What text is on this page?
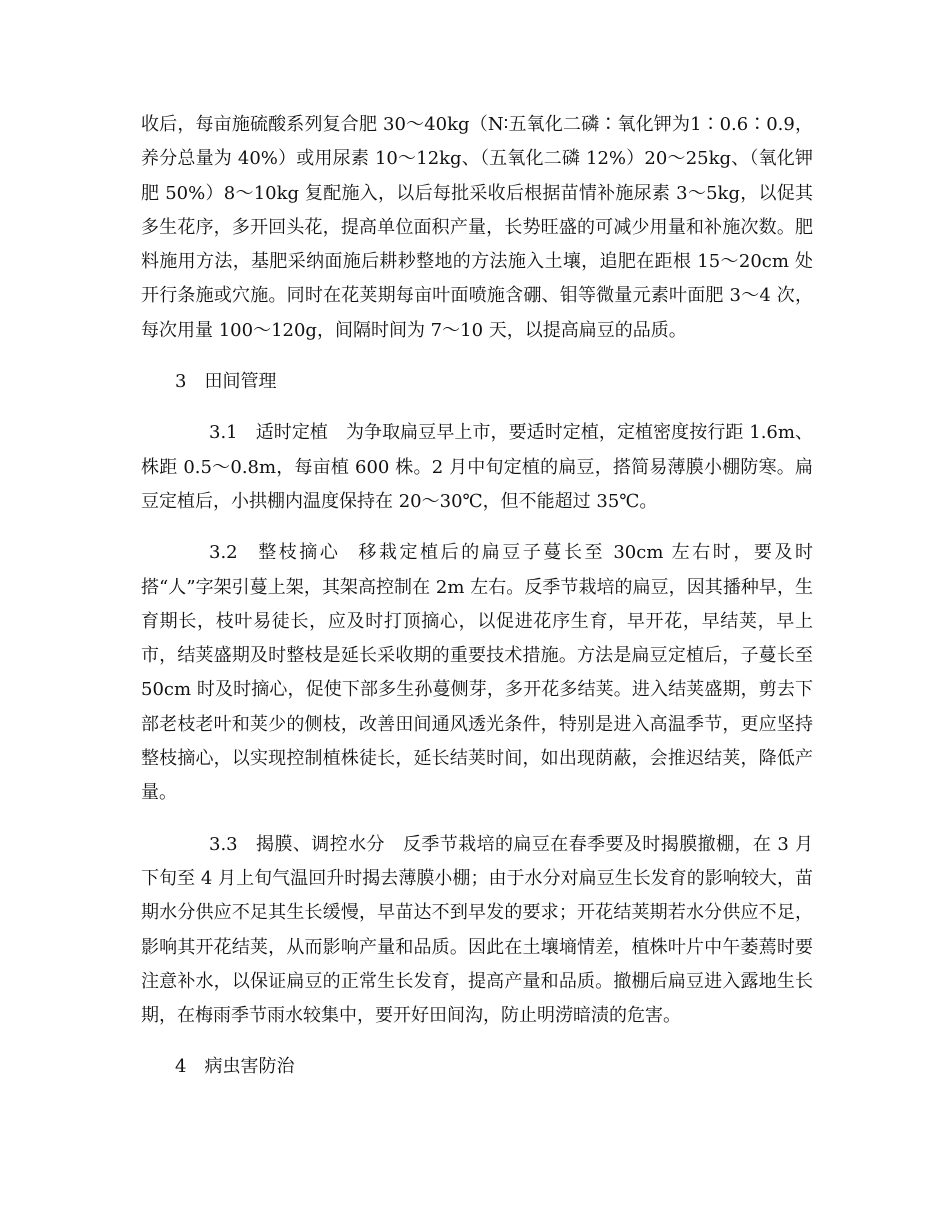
收后，每亩施硫酸系列复合肥 30～40kg（N∶五氧化二磷∶氧化钾为1∶0.6∶0.9，养分总量为 40%）或用尿素 10～12kg、（五氧化二磷 12%）20～25kg、（氧化钾肥 50%）8～10kg 复配施入，以后每批采收后根据苗情补施尿素 3～5kg，以促其多生花序，多开回头花，提高单位面积产量，长势旺盛的可减少用量和补施次数。肥料施用方法，基肥采纳面施后耕耖整地的方法施入土壤，追肥在距根 15～20cm 处开行条施或穴施。同时在花荚期每亩叶面喷施含硼、钼等微量元素叶面肥 3～4 次，每次用量 100～120g，间隔时间为 7～10 天，以提高扁豆的品质。

3 田间管理

3.1 适时定植 为争取扁豆早上市，要适时定植，定植密度按行距 1.6m、株距 0.5～0.8m，每亩植 600 株。2 月中旬定植的扁豆，搭简易薄膜小棚防寒。扁豆定植后，小拱棚内温度保持在 20～30℃，但不能超过 35℃。

3.2 整枝摘心 移栽定植后的扁豆子蔓长至 30cm 左右时，要及时搭“人”字架引蔓上架，其架高控制在 2m 左右。反季节栽培的扁豆，因其播种早，生育期长，枝叶易徒长，应及时打顶摘心，以促进花序生育，早开花，早结荚，早上市，结荚盛期及时整枝是延长采收期的重要技术措施。方法是扁豆定植后，子蔓长至 50cm 时及时摘心，促使下部多生孙蔓侧芽，多开花多结荚。进入结荚盛期，剪去下部老枝老叶和荚少的侧枝，改善田间通风透光条件，特别是进入高温季节，更应坚持整枝摘心，以实现控制植株徒长，延长结荚时间，如出现荫蔽，会推迟结荚，降低产量。

3.3 揭膜、调控水分 反季节栽培的扁豆在春季要及时揭膜撤棚，在 3 月下旬至 4 月上旬气温回升时揭去薄膜小棚；由于水分对扁豆生长发育的影响较大，苗期水分供应不足其生长缓慢，早苗达不到早发的要求；开花结荚期若水分供应不足，影响其开花结荚，从而影响产量和品质。因此在土壤墒情差，植株叶片中午萎蔫时要注意补水，以保证扁豆的正常生长发育，提高产量和品质。撤棚后扁豆进入露地生长期，在梅雨季节雨水较集中，要开好田间沟，防止明涝暗渍的危害。

4 病虫害防治
